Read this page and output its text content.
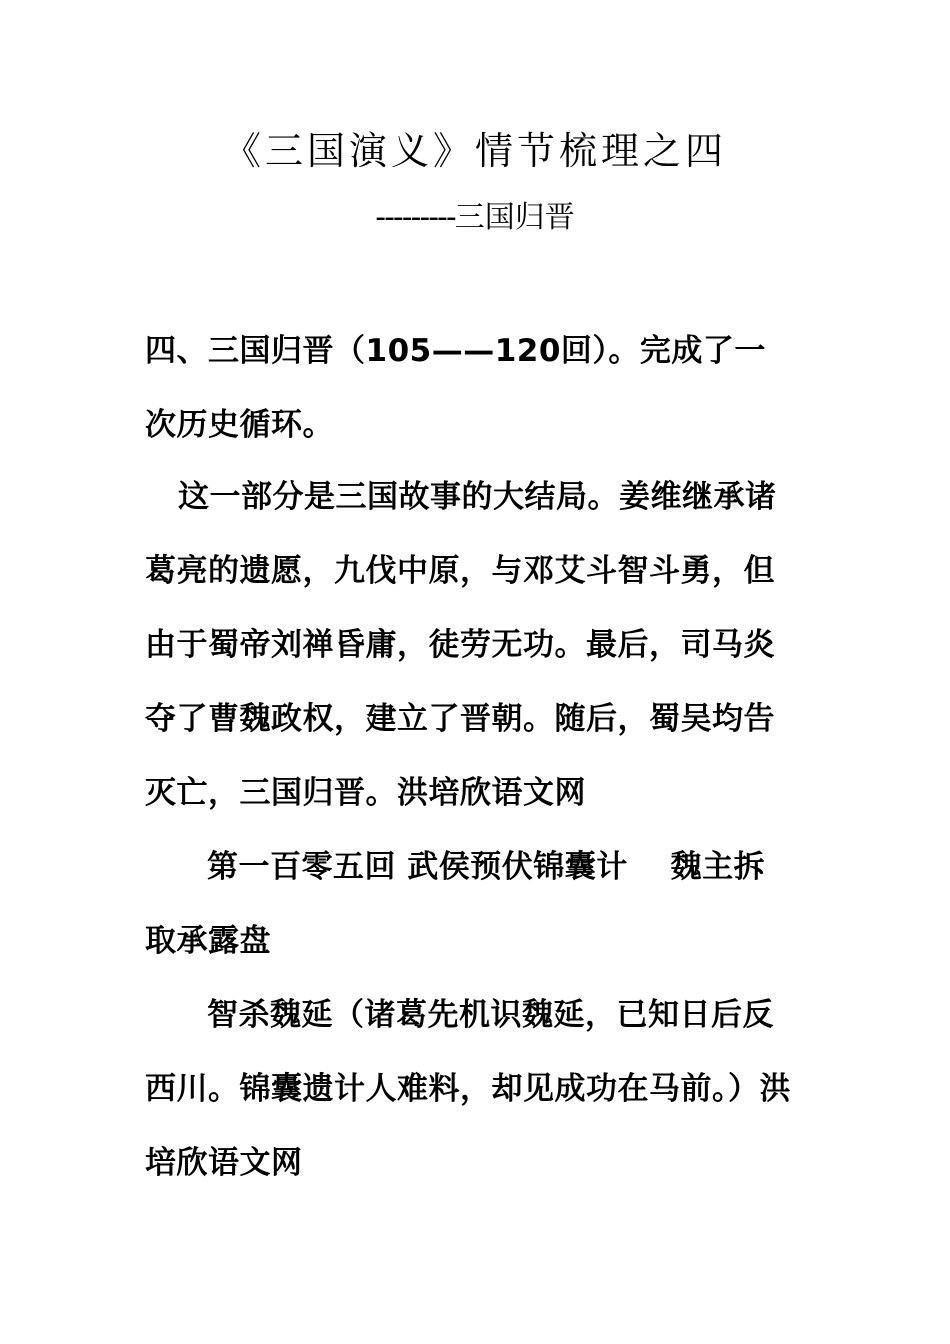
《三国演义》情节梳理之四
---------三国归晋

四、三国归晋（105——120回）。完成了一次历史循环。

这一部分是三国故事的大结局。姜维继承诸葛亮的遗愿，九伐中原，与邓艾斗智斗勇，但由于蜀帝刘禅昏庸，徒劳无功。最后，司马炎夺了曹魏政权，建立了晋朝。随后，蜀吴均告灭亡，三国归晋。洪培欣语文网

第一百零五回 武侯预伏锦囊计　 魏主拆取承露盘

智杀魏延（诸葛先机识魏延，已知日后反西川。锦囊遗计人难料，却见成功在马前。）洪培欣语文网
